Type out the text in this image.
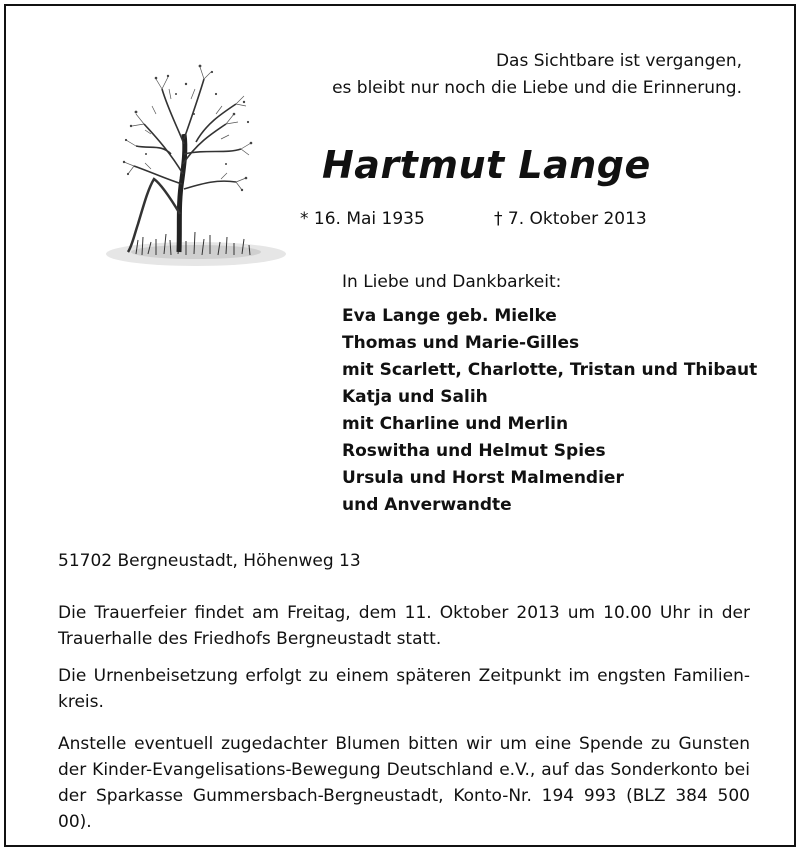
Das Sichtbare ist vergangen,
es bleibt nur noch die Liebe und die Erinnerung.
Hartmut Lange
* 16. Mai 1935	† 7. Oktober 2013
In Liebe und Dankbarkeit:
Eva Lange geb. Mielke
Thomas und Marie-Gilles
mit Scarlett, Charlotte, Tristan und Thibaut
Katja und Salih
mit Charline und Merlin
Roswitha und Helmut Spies
Ursula und Horst Malmendier
und Anverwandte
51702 Bergneustadt, Höhenweg 13

Die Trauerfeier findet am Freitag, dem 11. Oktober 2013 um 10.00 Uhr in der Trauerhalle des Friedhofs Bergneustadt statt.

Die Urnenbeisetzung erfolgt zu einem späteren Zeitpunkt im engsten Familien-kreis.

Anstelle eventuell zugedachter Blumen bitten wir um eine Spende zu Gunsten der Kinder-Evangelisations-Bewegung Deutschland e.V., auf das Sonderkonto bei der Sparkasse Gummersbach-Bergneustadt, Konto-Nr. 194 993 (BLZ 384 500 00).
